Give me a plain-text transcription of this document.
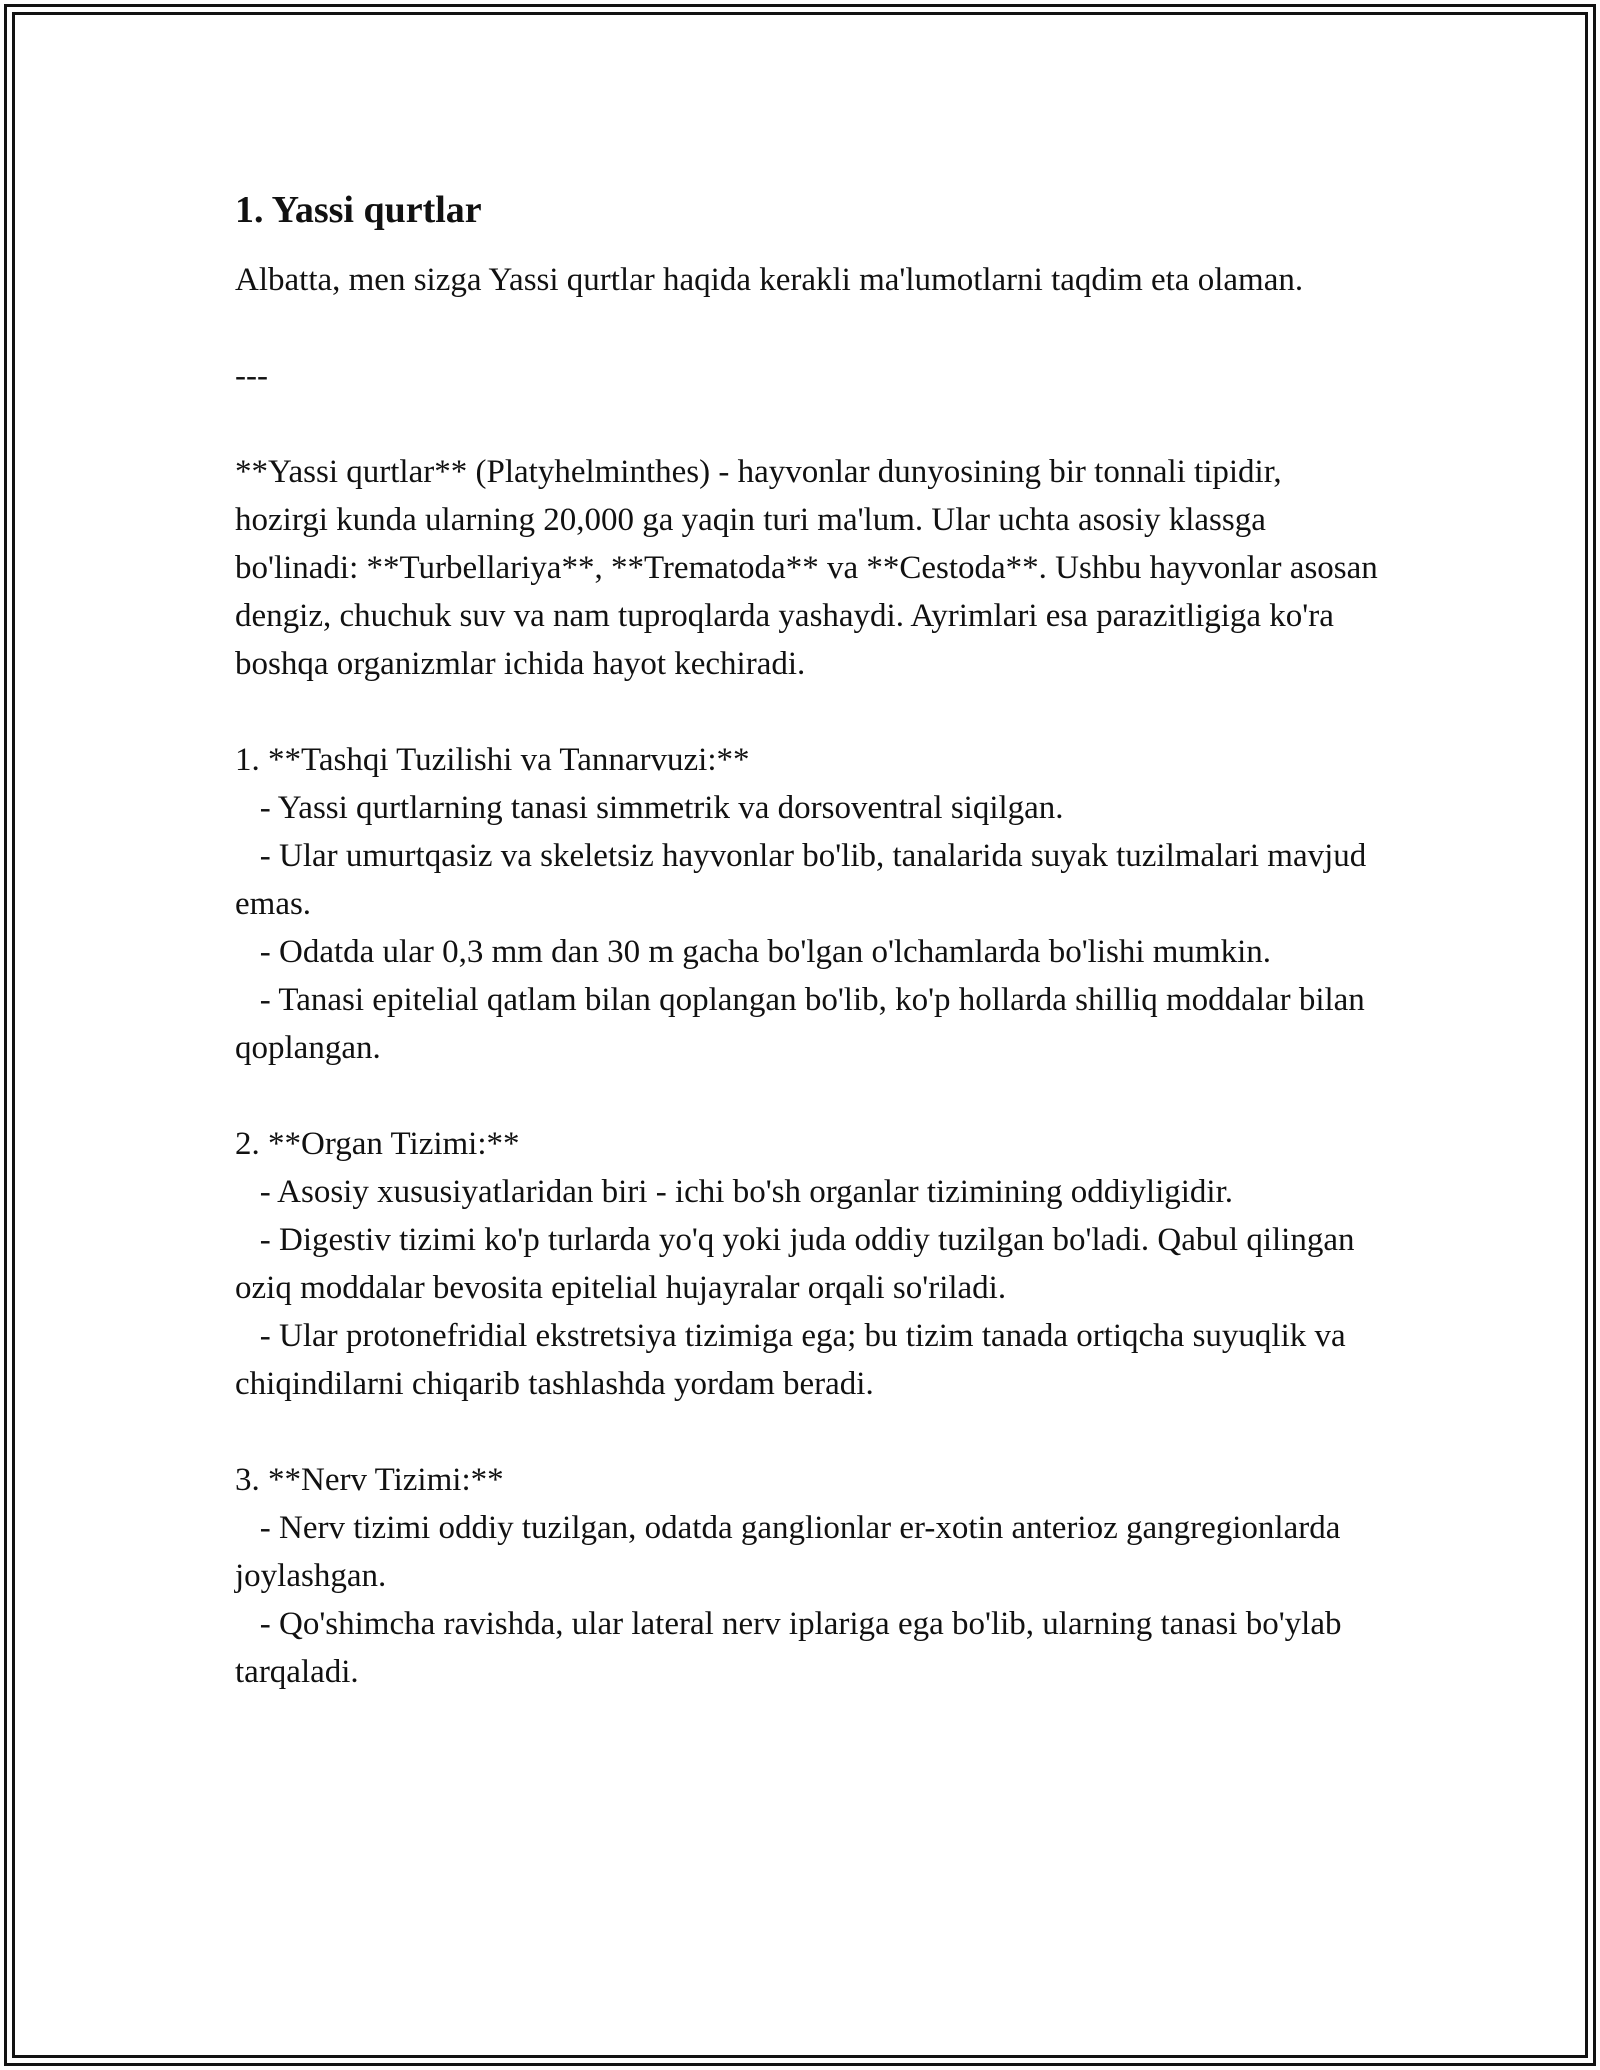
1. Yassi qurtlar

Albatta, men sizga Yassi qurtlar haqida kerakli ma'lumotlarni taqdim eta olaman.

---

**Yassi qurtlar** (Platyhelminthes) - hayvonlar dunyosining bir tonnali tipidir, hozirgi kunda ularning 20,000 ga yaqin turi ma'lum. Ular uchta asosiy klassga bo'linadi: **Turbellariya**, **Trematoda** va **Cestoda**. Ushbu hayvonlar asosan dengiz, chuchuk suv va nam tuproqlarda yashaydi. Ayrimlari esa parazitligiga ko'ra boshqa organizmlar ichida hayot kechiradi.

1. **Tashqi Tuzilishi va Tannarvuzi:**

- Yassi qurtlarning tanasi simmetrik va dorsoventral siqilgan.

- Ular umurtqasiz va skeletsiz hayvonlar bo'lib, tanalarida suyak tuzilmalari mavjud emas.

- Odatda ular 0,3 mm dan 30 m gacha bo'lgan o'lchamlarda bo'lishi mumkin.

- Tanasi epitelial qatlam bilan qoplangan bo'lib, ko'p hollarda shilliq moddalar bilan qoplangan.

2. **Organ Tizimi:**

- Asosiy xususiyatlaridan biri - ichi bo'sh organlar tizimining oddiyligidir.

- Digestiv tizimi ko'p turlarda yo'q yoki juda oddiy tuzilgan bo'ladi. Qabul qilingan oziq moddalar bevosita epitelial hujayralar orqali so'riladi.

- Ular protonefridial ekstretsiya tizimiga ega; bu tizim tanada ortiqcha suyuqlik va chiqindilarni chiqarib tashlashda yordam beradi.

3. **Nerv Tizimi:**

- Nerv tizimi oddiy tuzilgan, odatda ganglionlar er-xotin anterioz gangregionlarda joylashgan.

- Qo'shimcha ravishda, ular lateral nerv iplariga ega bo'lib, ularning tanasi bo'ylab tarqaladi.
